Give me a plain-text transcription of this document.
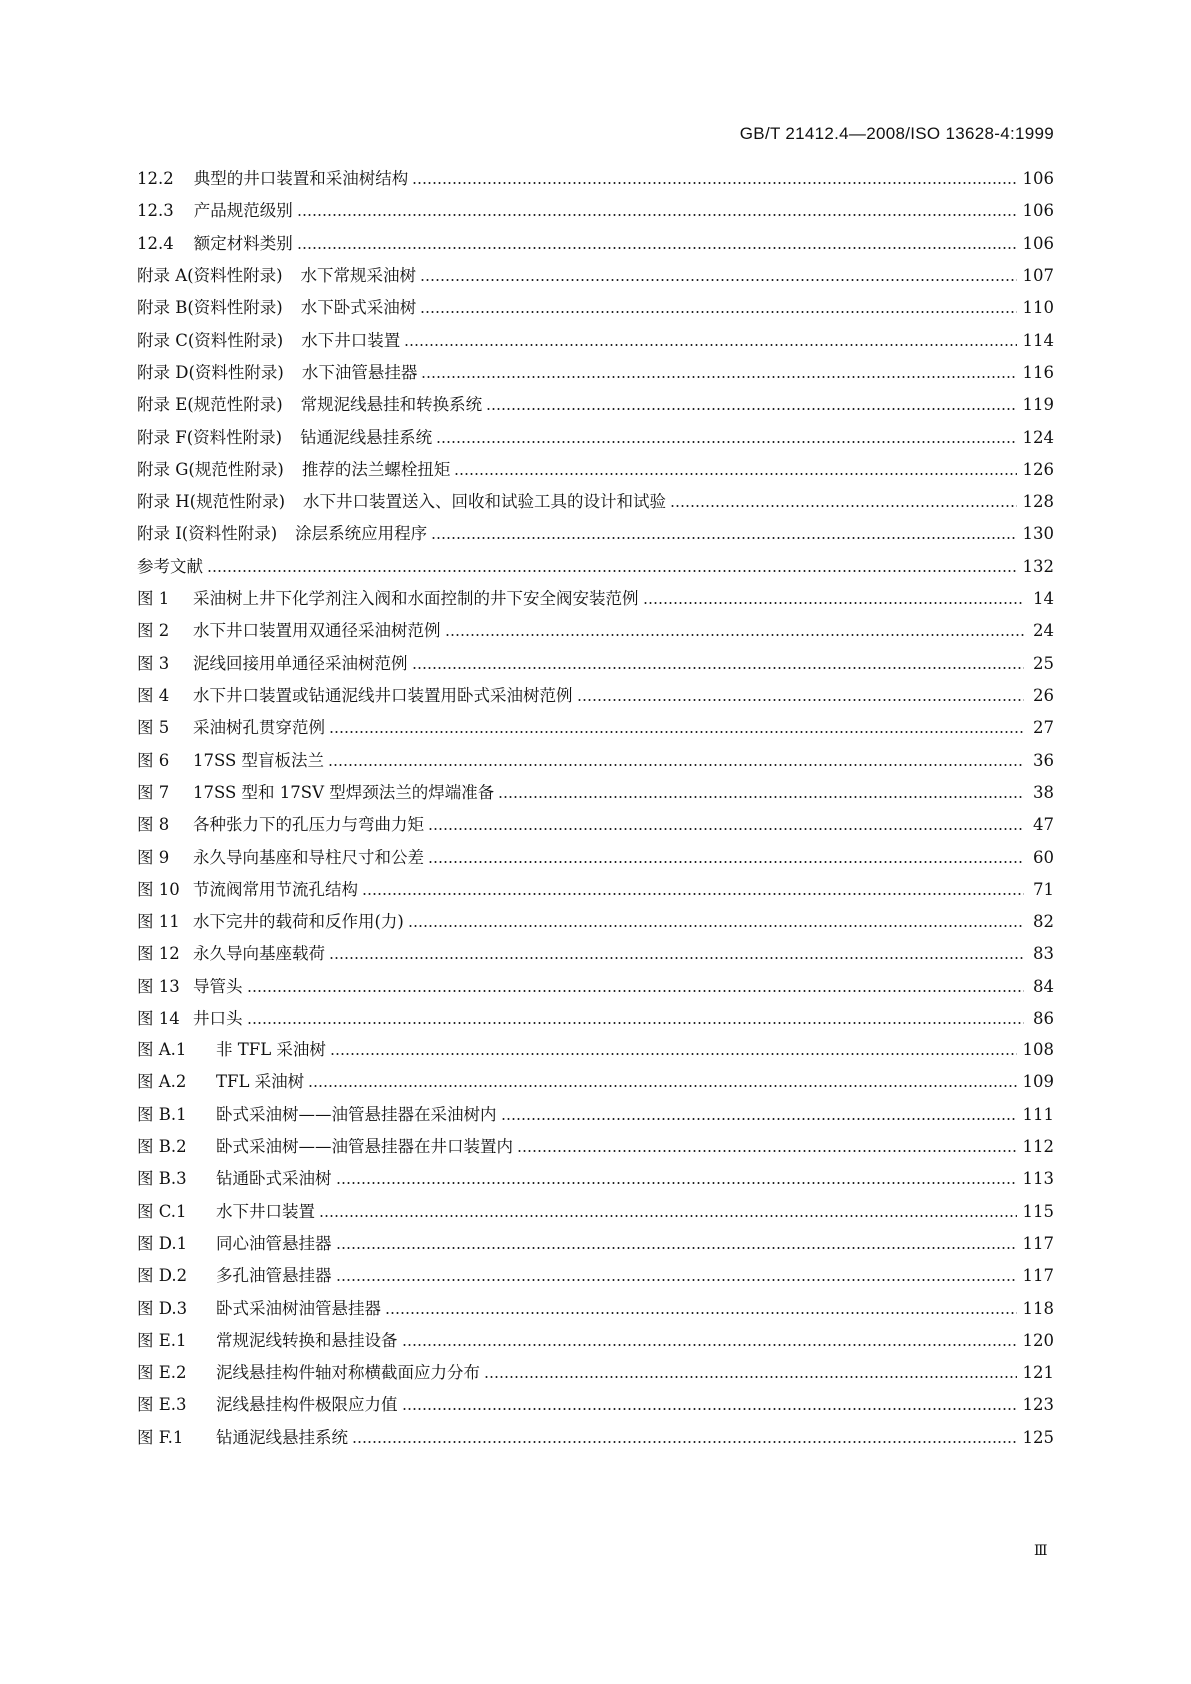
GB/T 21412.4—2008/ISO 13628-4:1999
12.2 典型的井口装置和采油树结构	106
12.3 产品规范级别	106
12.4 额定材料类别	106
附录 A(资料性附录) 水下常规采油树	107
附录 B(资料性附录) 水下卧式采油树	110
附录 C(资料性附录) 水下井口装置	114
附录 D(资料性附录) 水下油管悬挂器	116
附录 E(规范性附录) 常规泥线悬挂和转换系统	119
附录 F(资料性附录) 钻通泥线悬挂系统	124
附录 G(规范性附录) 推荐的法兰螺栓扭矩	126
附录 H(规范性附录) 水下井口装置送入、回收和试验工具的设计和试验	128
附录 I(资料性附录) 涂层系统应用程序	130
参考文献	132
图 1	采油树上井下化学剂注入阀和水面控制的井下安全阀安装范例	14
图 2	水下井口装置用双通径采油树范例	24
图 3	泥线回接用单通径采油树范例	25
图 4	水下井口装置或钻通泥线井口装置用卧式采油树范例	26
图 5	采油树孔贯穿范例	27
图 6	17SS 型盲板法兰	36
图 7	17SS 型和 17SV 型焊颈法兰的焊端准备	38
图 8	各种张力下的孔压力与弯曲力矩	47
图 9	永久导向基座和导柱尺寸和公差	60
图 10 节流阀常用节流孔结构	71
图 11 水下完井的载荷和反作用(力)	82
图 12 永久导向基座载荷	83
图 13 导管头	84
图 14 井口头	86
图 A.1	非 TFL 采油树	108
图 A.2	TFL 采油树	109
图 B.1	卧式采油树——油管悬挂器在采油树内	111
图 B.2	卧式采油树——油管悬挂器在井口装置内	112
图 B.3	钻通卧式采油树	113
图 C.1	水下井口装置	115
图 D.1	同心油管悬挂器	117
图 D.2	多孔油管悬挂器	117
图 D.3	卧式采油树油管悬挂器	118
图 E.1	常规泥线转换和悬挂设备	120
图 E.2	泥线悬挂构件轴对称横截面应力分布	121
图 E.3	泥线悬挂构件极限应力值	123
图 F.1	钻通泥线悬挂系统	125
Ⅲ
